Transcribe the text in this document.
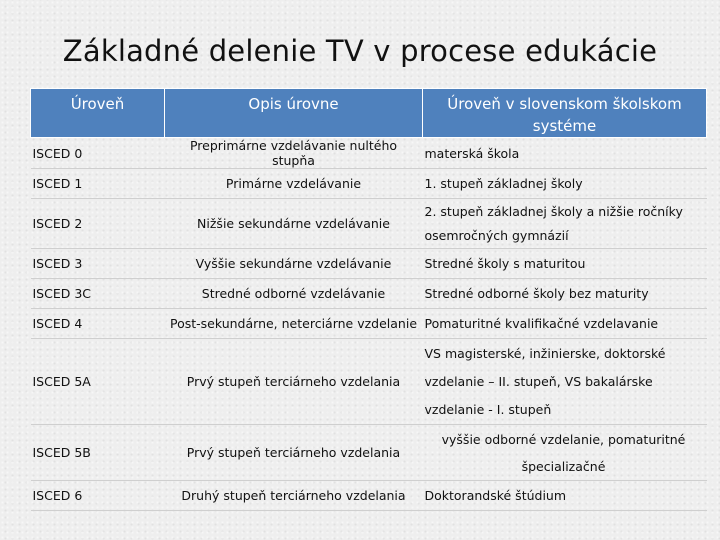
Základné delenie TV v procese edukácie
Úroveň	Opis úrovne	Úroveň v slovenskom školskom systéme
ISCED 0	Preprimárne vzdelávanie nultého stupňa	materská škola
ISCED 1	Primárne vzdelávanie	1. stupeň základnej školy
ISCED 2	Nižšie sekundárne vzdelávanie	2. stupeň základnej školy a nižšie ročníky osemročných gymnázií
ISCED 3	Vyššie sekundárne vzdelávanie	Stredné školy s maturitou
ISCED 3C	Stredné odborné vzdelávanie	Stredné odborné školy bez maturity
ISCED 4	Post-sekundárne, neterciárne vzdelanie	Pomaturitné kvalifikačné vzdelavanie
ISCED 5A	Prvý stupeň terciárneho vzdelania	VS magisterské, inžinierske, doktorské vzdelanie – II. stupeň, VS bakalárske vzdelanie - I. stupeň
ISCED 5B	Prvý stupeň terciárneho vzdelania	vyššie odborné vzdelanie, pomaturitné špecializačné
ISCED 6	Druhý stupeň terciárneho vzdelania	Doktorandské štúdium
